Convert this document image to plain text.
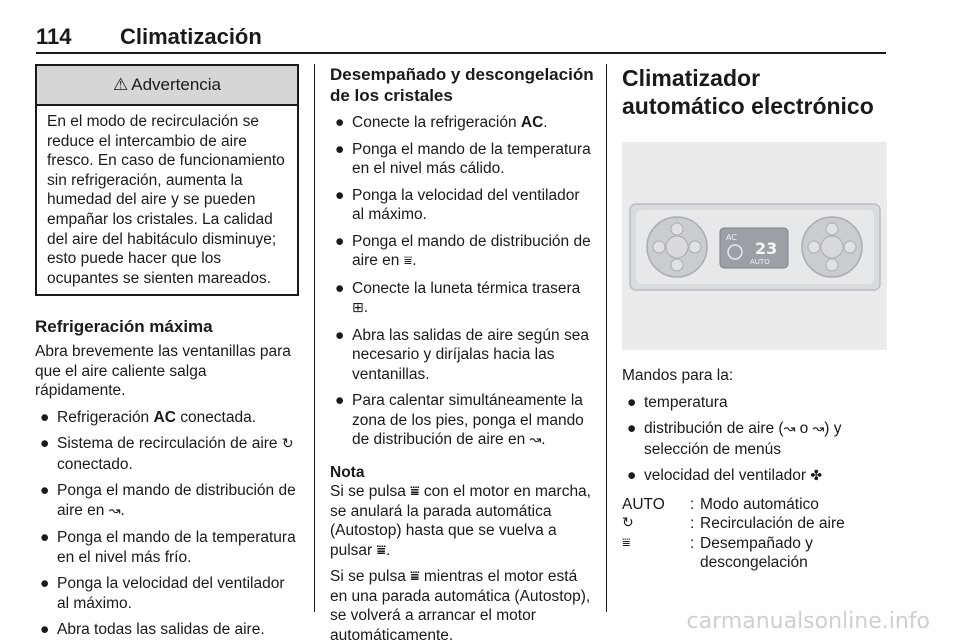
114 Climatización
⚠ Advertencia
En el modo de recirculación se reduce el intercambio de aire fresco. En caso de funcionamiento sin refrigeración, aumenta la humedad del aire y se pueden empañar los cristales. La calidad del aire del habitáculo disminuye; esto puede hacer que los ocupantes se sienten mareados.
Refrigeración máxima

Abra brevemente las ventanillas para que el aire caliente salga rápidamente.

● Refrigeración AC conectada.
● Sistema de recirculación de aire ↻ conectado.
● Ponga el mando de distribución de aire en ↝.
● Ponga el mando de la temperatura en el nivel más frío.
● Ponga la velocidad del ventilador al máximo.
● Abra todas las salidas de aire.
Desempañado y descongelación de los cristales
● Conecte la refrigeración AC.
● Ponga el mando de la temperatura en el nivel más cálido.
● Ponga la velocidad del ventilador al máximo.
● Ponga el mando de distribución de aire en ⩸.
● Conecte la luneta térmica trasera ⊞.
● Abra las salidas de aire según sea necesario y diríjalas hacia las ventanillas.
● Para calentar simultáneamente la zona de los pies, ponga el mando de distribución de aire en ↝.

Nota

Si se pulsa ⩸ con el motor en marcha, se anulará la parada automática (Autostop) hasta que se vuelva a pulsar ⩸.

Si se pulsa ⩸ mientras el motor está en una parada automática (Autostop), se volverá a arrancar el motor automáticamente.

Climatizador automático electrónico
AC
23
AUTO

Mandos para la:

● temperatura
● distribución de aire (↝ o ↝) y selección de menús
● velocidad del ventilador ✤
AUTO	:	Modo automático
↻	:	Recirculación de aire
⩸	:	Desempañado y descongelación
carmanualsonline.info
